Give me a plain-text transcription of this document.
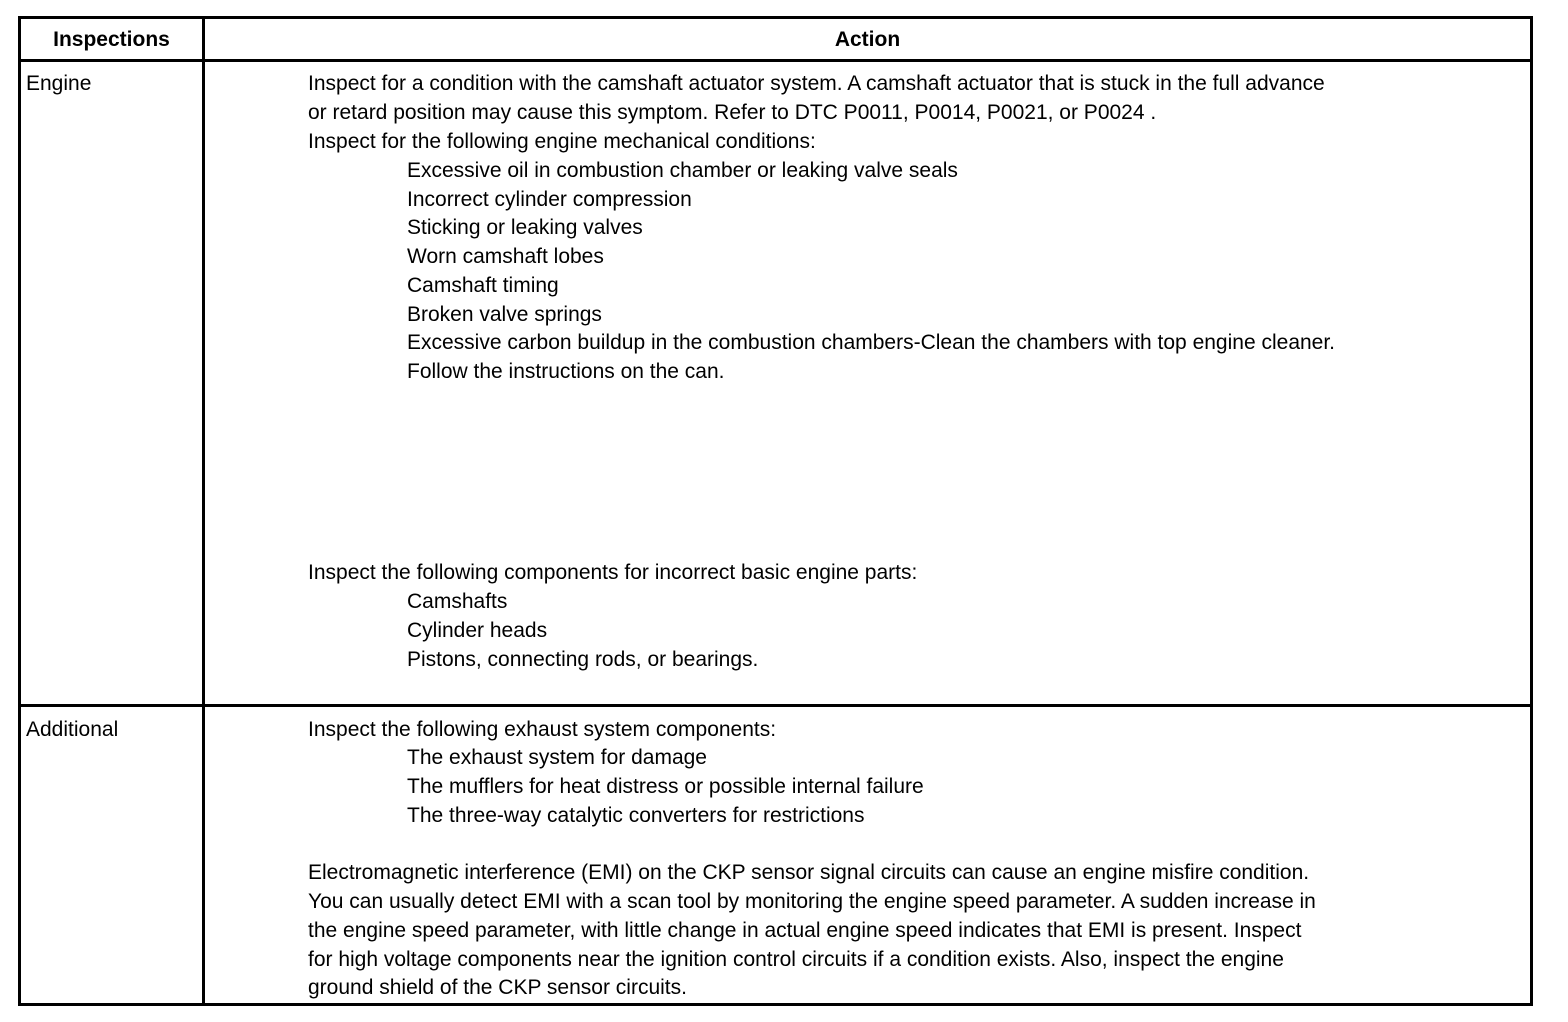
Inspections	Action
Engine	Inspect for a condition with the camshaft actuator system. A camshaft actuator that is stuck in the full advance
or retard position may cause this symptom. Refer to DTC P0011, P0014, P0021, or P0024 .
Inspect for the following engine mechanical conditions:
Excessive oil in combustion chamber or leaking valve seals
Incorrect cylinder compression
Sticking or leaking valves
Worn camshaft lobes
Camshaft timing
Broken valve springs
Excessive carbon buildup in the combustion chambers-Clean the chambers with top engine cleaner.
Follow the instructions on the can.
Inspect the following components for incorrect basic engine parts:
Camshafts
Cylinder heads
Pistons, connecting rods, or bearings.
Additional	Inspect the following exhaust system components:
The exhaust system for damage
The mufflers for heat distress or possible internal failure
The three-way catalytic converters for restrictions
Electromagnetic interference (EMI) on the CKP sensor signal circuits can cause an engine misfire condition.
You can usually detect EMI with a scan tool by monitoring the engine speed parameter. A sudden increase in
the engine speed parameter, with little change in actual engine speed indicates that EMI is present. Inspect
for high voltage components near the ignition control circuits if a condition exists. Also, inspect the engine
ground shield of the CKP sensor circuits.
